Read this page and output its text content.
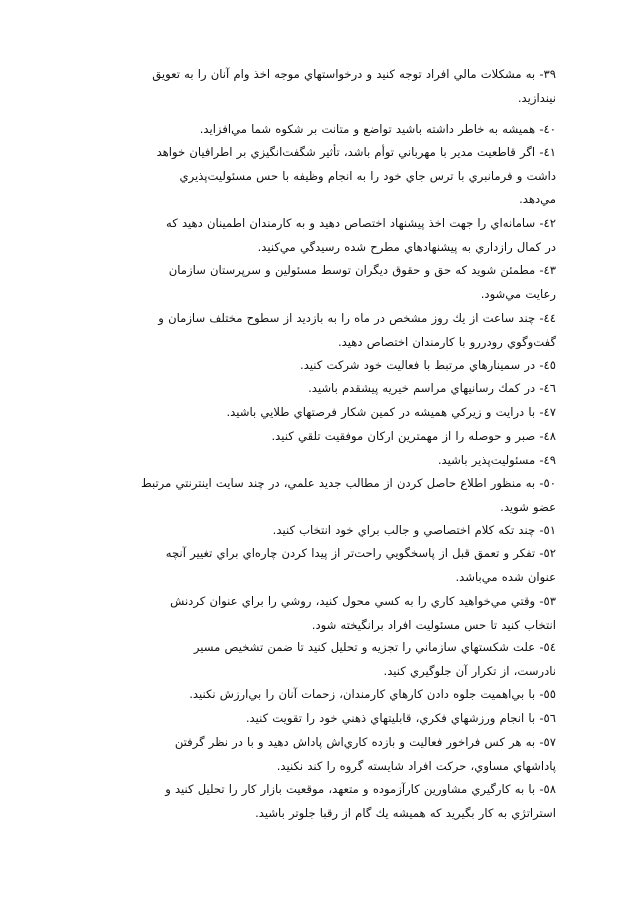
٣٩- به مشكلات مالي افراد توجه كنيد و درخواستهاي موجه اخذ وام آنان را به تعويق
نيندازيد.
٤٠- هميشه به خاطر داشته باشيد تواضع و متانت بر شكوه شما مي‌افزايد.
٤١- اگر قاطعيت مدير با مهرباني توأم باشد، تأثير شگفت‌انگيزي بر اطرافيان خواهد
داشت و فرمانبري با ترس جاي خود را به انجام وظيفه با حس مسئوليت‌پذيري
مي‌دهد.
٤٢- سامانه‌اي را جهت اخذ پيشنهاد اختصاص دهيد و به كارمندان اطمينان دهيد كه
در كمال رازداري به پيشنهادهاي مطرح شده رسيدگي مي‌كنيد.
٤٣- مطمئن شويد كه حق و حقوق ديگران توسط مسئولين و سرپرستان سازمان
رعايت مي‌شود.
٤٤- چند ساعت از يك روز مشخص در ماه را به بازديد از سطوح مختلف سازمان و
گفت‌وگوي رودررو با كارمندان اختصاص دهيد.
٤٥- در سمينارهاي مرتبط با فعاليت خود شركت كنيد.
٤٦- در كمك رسانيهاي مراسم خيريه پيشقدم باشيد.
٤٧- با درايت و زيركي هميشه در كمين شكار فرصتهاي طلايي باشيد.
٤٨- صبر و حوصله را از مهمترين اركان موفقيت تلقي كنيد.
٤٩- مسئوليت‌پذير باشيد.
٥٠- به منظور اطلاع حاصل كردن از مطالب جديد علمي، در چند سايت اينترنتي مرتبط
عضو شويد.
٥١- چند تكه كلام اختصاصي و جالب براي خود انتخاب كنيد.
٥٢- تفكر و تعمق قبل از پاسخگويي راحت‌تر از پيدا كردن چاره‌اي براي تغيير آنچه
عنوان شده مي‌باشد.
٥٣- وقتي مي‌خواهيد كاري را به كسي محول كنيد، روشي را براي عنوان كردنش
انتخاب كنيد تا حس مسئوليت افراد برانگيخته شود.
٥٤- علت شكستهاي سازماني را تجزيه و تحليل كنيد تا ضمن تشخيص مسير
نادرست، از تكرار آن جلوگيري كنيد.
٥٥- با بي‌اهميت جلوه دادن كارهاي كارمندان، زحمات آنان را بي‌ارزش نكنيد.
٥٦- با انجام ورزشهاي فكري، قابليتهاي ذهني خود را تقويت كنيد.
٥٧- به هر كس فراخور فعاليت و بازده كاري‌اش پاداش دهيد و با در نظر گرفتن
پاداشهاي مساوي، حركت افراد شايسته گروه را كند نكنيد.
٥٨- با به كارگيري مشاورين كارآزموده و متعهد، موقعيت بازار كار را تحليل كنيد و
استراتژي به كار بگيريد كه هميشه يك گام از رقبا جلوتر باشيد.
